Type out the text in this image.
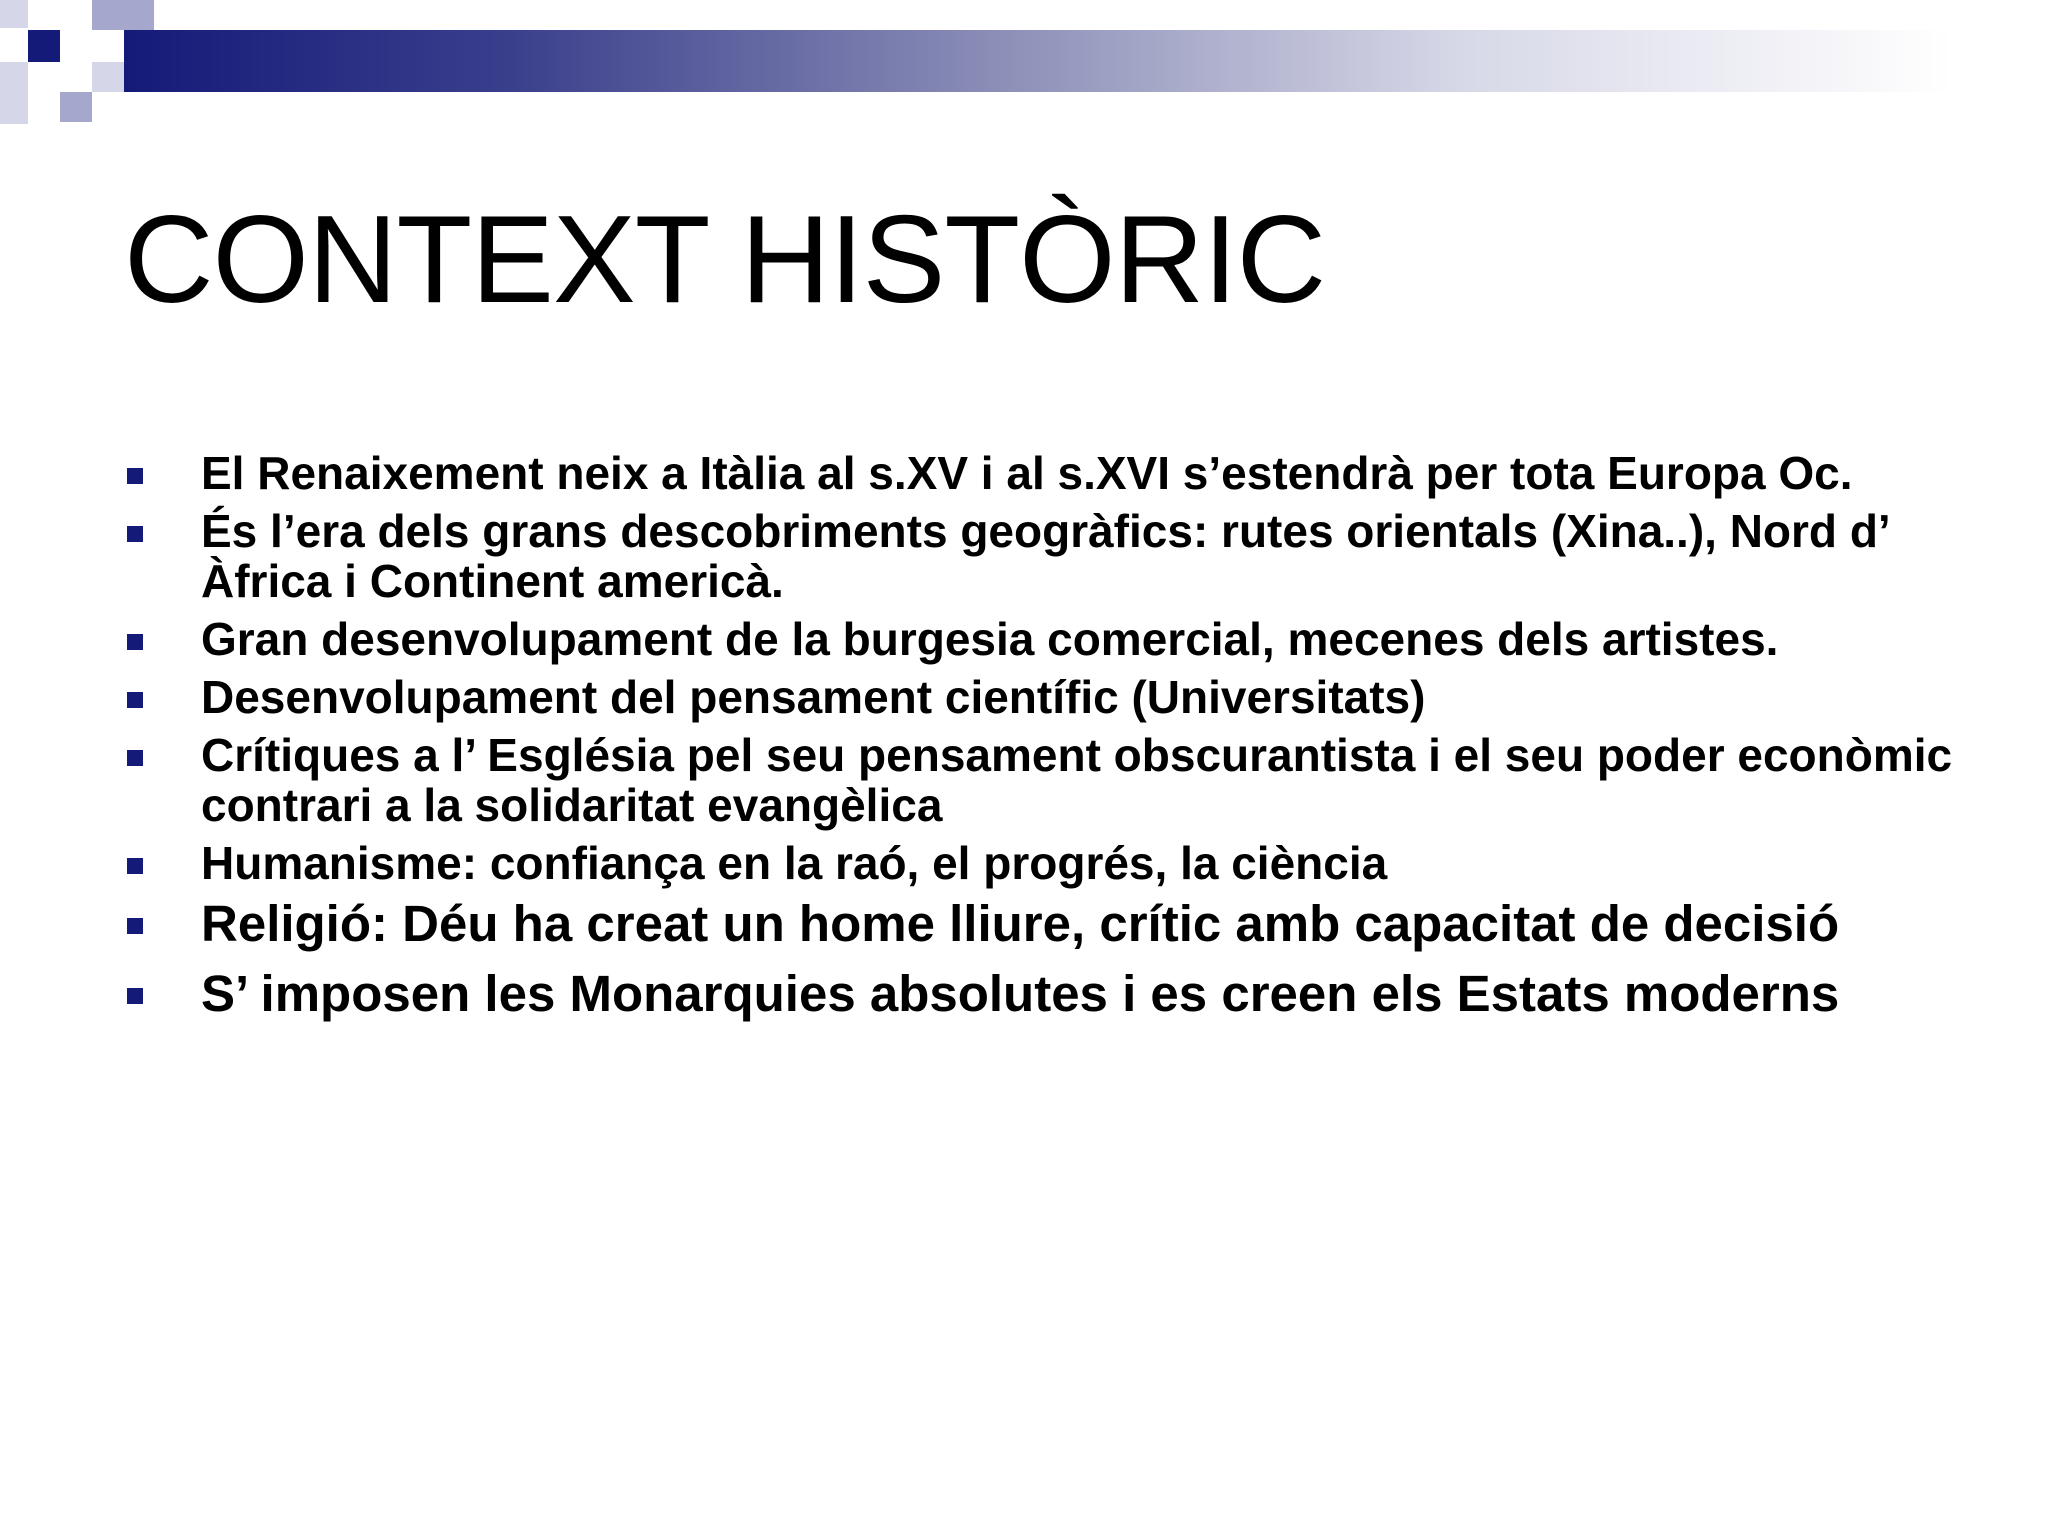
CONTEXT HISTÒRIC
El Renaixement neix a Itàlia al s.XV i al s.XVI s’estendrà per tota Europa Oc.
És l’era dels grans descobriments geogràfics: rutes orientals (Xina..), Nord d’ Àfrica i Continent americà.
Gran desenvolupament de la burgesia comercial, mecenes dels artistes.
Desenvolupament del pensament científic (Universitats)
Crítiques a l’ Església pel seu pensament obscurantista i el seu poder econòmic contrari a la solidaritat evangèlica
Humanisme: confiança en la raó, el progrés, la ciència
Religió: Déu ha creat un home lliure, crític amb capacitat de decisió
S’ imposen les Monarquies absolutes i es creen els Estats moderns
